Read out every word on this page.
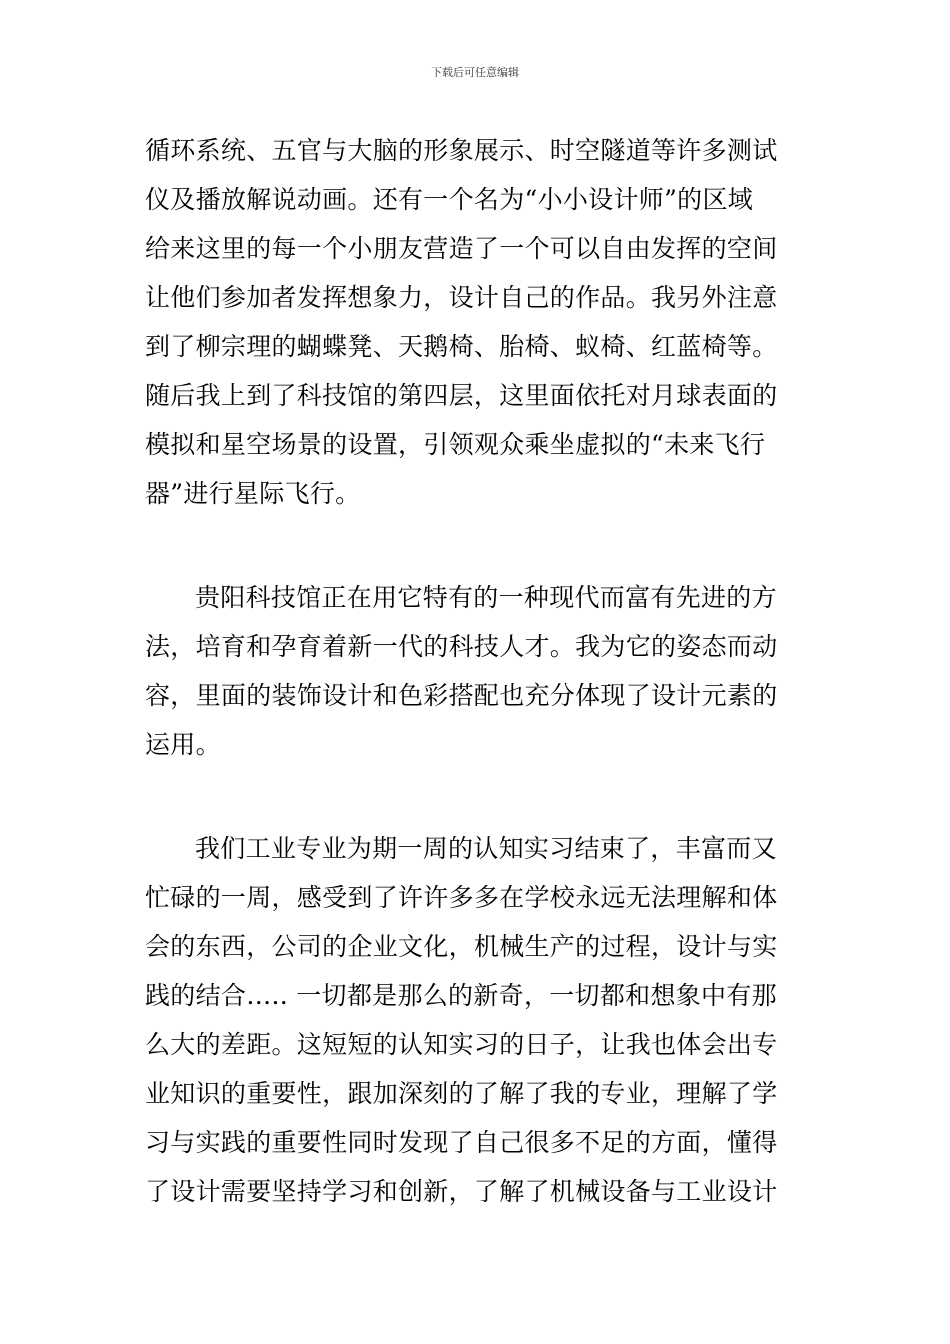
下载后可任意编辑
循环系统、五官与大脑的形象展示、时空隧道等许多测试
仪及播放解说动画。还有一个名为“小小设计师”的区域
给来这里的每一个小朋友营造了一个可以自由发挥的空间
让他们参加者发挥想象力，设计自己的作品。我另外注意
到了柳宗理的蝴蝶凳、天鹅椅、胎椅、蚁椅、红蓝椅等。
随后我上到了科技馆的第四层，这里面依托对月球表面的
模拟和星空场景的设置，引领观众乘坐虚拟的“未来飞行
器”进行星际飞行。
贵阳科技馆正在用它特有的一种现代而富有先进的方
法，培育和孕育着新一代的科技人才。我为它的姿态而动
容，里面的装饰设计和色彩搭配也充分体现了设计元素的
运用。
我们工业专业为期一周的认知实习结束了，丰富而又
忙碌的一周，感受到了许许多多在学校永远无法理解和体
会的东西，公司的企业文化，机械生产的过程，设计与实
践的结合….. 一切都是那么的新奇，一切都和想象中有那
么大的差距。这短短的认知实习的日子，让我也体会出专
业知识的重要性，跟加深刻的了解了我的专业，理解了学
习与实践的重要性同时发现了自己很多不足的方面，懂得
了设计需要坚持学习和创新，了解了机械设备与工业设计
